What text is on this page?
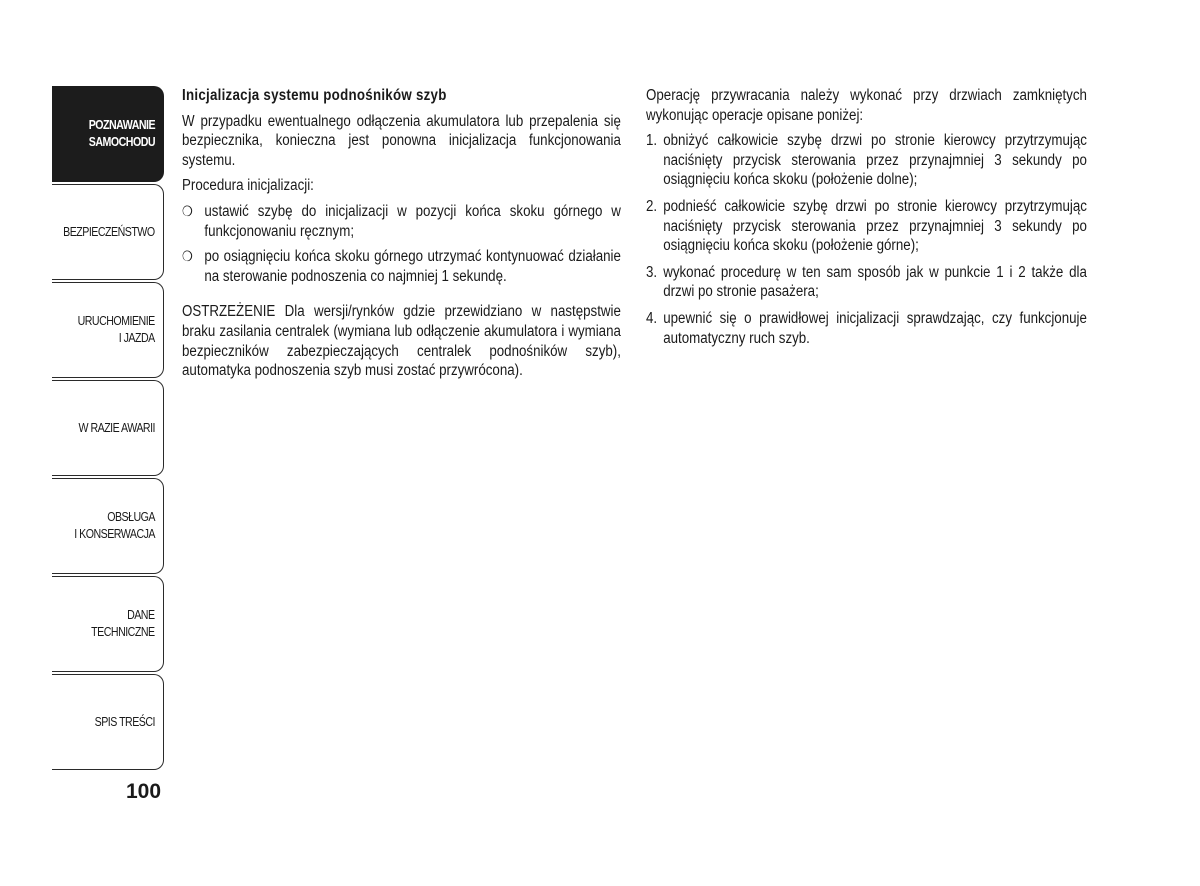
POZNAWANIE
SAMOCHODU
BEZPIECZEŃSTWO
URUCHOMIENIE
I JAZDA
W RAZIE AWARII
OBSŁUGA
I KONSERWACJA
DANE
TECHNICZNE
SPIS TREŚCI
100
Inicjalizacja systemu podnośników szyb

W przypadku ewentualnego odłączenia akumulatora lub przepalenia się bezpiecznika, konieczna jest ponowna inicjalizacja funkcjonowania systemu.

Procedura inicjalizacji:

❍ ustawić szybę do inicjalizacji w pozycji końca skoku górnego w funkcjonowaniu ręcznym;
❍ po osiągnięciu końca skoku górnego utrzymać kontynuować działanie na sterowanie podnoszenia co najmniej 1 sekundę.

OSTRZEŻENIE Dla wersji/rynków gdzie przewidziano w następstwie braku zasilania centralek (wymiana lub odłączenie akumulatora i wymiana bezpieczników zabezpieczających centralek podnośników szyb), automatyka podnoszenia szyb musi zostać przywrócona).

Operację przywracania należy wykonać przy drzwiach zamkniętych wykonując operacje opisane poniżej:

1. obniżyć całkowicie szybę drzwi po stronie kierowcy przytrzymując naciśnięty przycisk sterowania przez przynajmniej 3 sekundy po osiągnięciu końca skoku (położenie dolne);
2. podnieść całkowicie szybę drzwi po stronie kierowcy przytrzymując naciśnięty przycisk sterowania przez przynajmniej 3 sekundy po osiągnięciu końca skoku (położenie górne);
3. wykonać procedurę w ten sam sposób jak w punkcie 1 i 2 także dla drzwi po stronie pasażera;
4. upewnić się o prawidłowej inicjalizacji sprawdzając, czy funkcjonuje automatyczny ruch szyb.
